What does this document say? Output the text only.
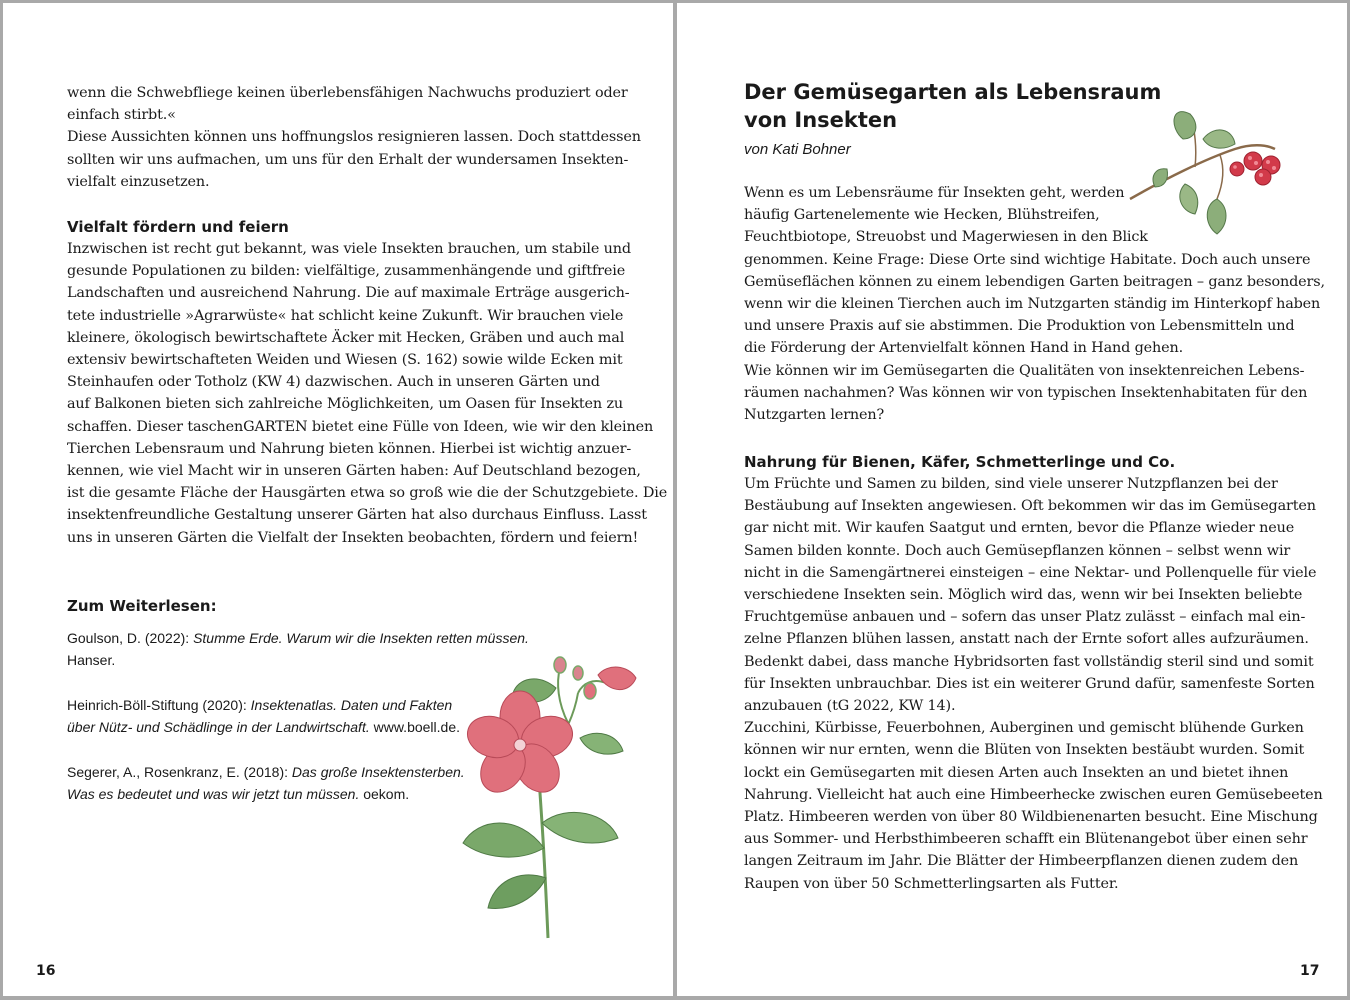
wenn die Schwebfliege keinen überlebensfähigen Nachwuchs produziert oder
einfach stirbt.«
Diese Aussichten können uns hoffnungslos resignieren lassen. Doch stattdessen
sollten wir uns aufmachen, um uns für den Erhalt der wundersamen Insekten-
vielfalt einzusetzen.
Vielfalt fördern und feiern
Inzwischen ist recht gut bekannt, was viele Insekten brauchen, um stabile und
gesunde Populationen zu bilden: vielfältige, zusammenhängende und giftfreie
Landschaften und ausreichend Nahrung. Die auf maximale Erträge ausgerich-
tete industrielle »Agrarwüste« hat schlicht keine Zukunft. Wir brauchen viele
kleinere, ökologisch bewirtschaftete Äcker mit Hecken, Gräben und auch mal
extensiv bewirtschafteten Weiden und Wiesen (S. 162) sowie wilde Ecken mit
Steinhaufen oder Totholz (KW 4) dazwischen. Auch in unseren Gärten und
auf Balkonen bieten sich zahlreiche Möglichkeiten, um Oasen für Insekten zu
schaffen. Dieser taschenGARTEN bietet eine Fülle von Ideen, wie wir den kleinen
Tierchen Lebensraum und Nahrung bieten können. Hierbei ist wichtig anzuer-
kennen, wie viel Macht wir in unseren Gärten haben: Auf Deutschland bezogen,
ist die gesamte Fläche der Hausgärten etwa so groß wie die der Schutzgebiete. Die
insektenfreundliche Gestaltung unserer Gärten hat also durchaus Einfluss. Lasst
uns in unseren Gärten die Vielfalt der Insekten beobachten, fördern und feiern!
Zum Weiterlesen:
Goulson, D. (2022): Stumme Erde. Warum wir die Insekten retten müssen.
Hanser.
Heinrich-Böll-Stiftung (2020): Insektenatlas. Daten und Fakten
über Nütz- und Schädlinge in der Landwirtschaft. www.boell.de.
Segerer, A., Rosenkranz, E. (2018): Das große Insektensterben.
Was es bedeutet und was wir jetzt tun müssen. oekom.
16
Der Gemüsegarten als Lebensraum
von Insekten

von Kati Bohner

Wenn es um Lebensräume für Insekten geht, werden
häufig Gartenelemente wie Hecken, Blühstreifen,
Feuchtbiotope, Streuobst und Magerwiesen in den Blick
genommen. Keine Frage: Diese Orte sind wichtige Habitate. Doch auch unsere
Gemüseflächen können zu einem lebendigen Garten beitragen – ganz besonders,
wenn wir die kleinen Tierchen auch im Nutzgarten ständig im Hinterkopf haben
und unsere Praxis auf sie abstimmen. Die Produktion von Lebensmitteln und
die Förderung der Artenvielfalt können Hand in Hand gehen.
Wie können wir im Gemüsegarten die Qualitäten von insektenreichen Lebens-
räumen nachahmen? Was können wir von typischen Insektenhabitaten für den
Nutzgarten lernen?
Nahrung für Bienen, Käfer, Schmetterlinge und Co.
Um Früchte und Samen zu bilden, sind viele unserer Nutzpflanzen bei der
Bestäubung auf Insekten angewiesen. Oft bekommen wir das im Gemüsegarten
gar nicht mit. Wir kaufen Saatgut und ernten, bevor die Pflanze wieder neue
Samen bilden konnte. Doch auch Gemüsepflanzen können – selbst wenn wir
nicht in die Samengärtnerei einsteigen – eine Nektar- und Pollenquelle für viele
verschiedene Insekten sein. Möglich wird das, wenn wir bei Insekten beliebte
Fruchtgemüse anbauen und – sofern das unser Platz zulässt – einfach mal ein-
zelne Pflanzen blühen lassen, anstatt nach der Ernte sofort alles aufzuräumen.
Bedenkt dabei, dass manche Hybridsorten fast vollständig steril sind und somit
für Insekten unbrauchbar. Dies ist ein weiterer Grund dafür, samenfeste Sorten
anzubauen (tG 2022, KW 14).
Zucchini, Kürbisse, Feuerbohnen, Auberginen und gemischt blühende Gurken
können wir nur ernten, wenn die Blüten von Insekten bestäubt wurden. Somit
lockt ein Gemüsegarten mit diesen Arten auch Insekten an und bietet ihnen
Nahrung. Vielleicht hat auch eine Himbeerhecke zwischen euren Gemüsebeeten
Platz. Himbeeren werden von über 80 Wildbienenarten besucht. Eine Mischung
aus Sommer- und Herbsthimbeeren schafft ein Blütenangebot über einen sehr
langen Zeitraum im Jahr. Die Blätter der Himbeerpflanzen dienen zudem den
Raupen von über 50 Schmetterlingsarten als Futter.
17
